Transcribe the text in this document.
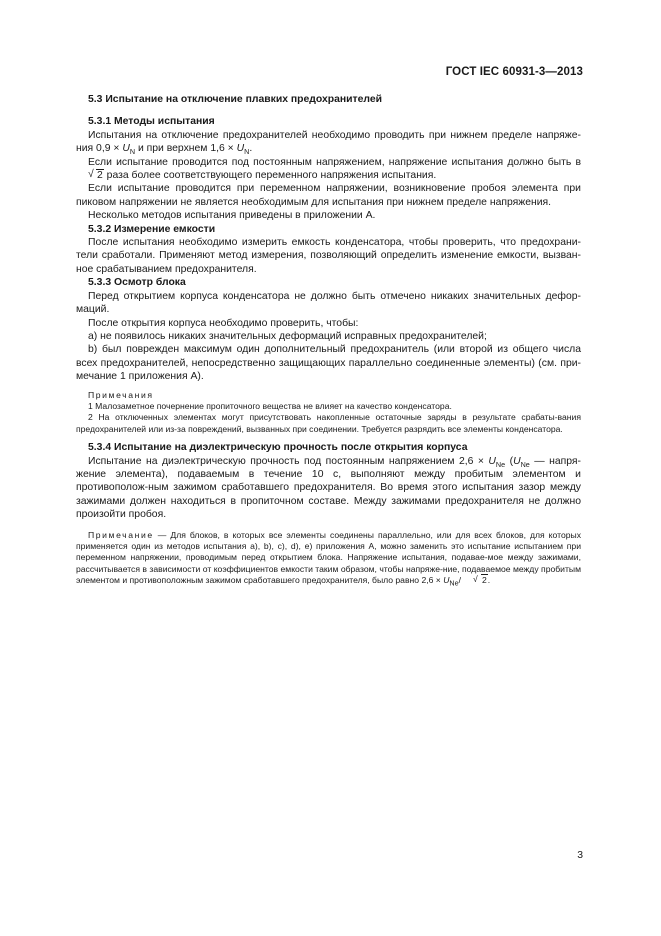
ГОСТ IEC 60931-3—2013

5.3 Испытание на отключение плавких предохранителей

5.3.1 Методы испытания

Испытания на отключение предохранителей необходимо проводить при нижнем пределе напряже-ния $0,9 \times U_N$ и при верхнем $1,6 \times U_N$.

Если испытание проводится под постоянным напряжением, напряжение испытания должно быть в
√ 2 раза более соответствующего переменного напряжения испытания.

Если испытание проводится при переменном напряжении, возникновение пробоя элемента при пиковом напряжении не является необходимым для испытания при нижнем пределе напряжения.

Несколько методов испытания приведены в приложении А.

5.3.2 Измерение емкости

После испытания необходимо измерить емкость конденсатора, чтобы проверить, что предохрани-тели сработали. Применяют метод измерения, позволяющий определить изменение емкости, вызван-ное срабатыванием предохранителя.

5.3.3 Осмотр блока

Перед открытием корпуса конденсатора не должно быть отмечено никаких значительных дефор-маций.

После открытия корпуса необходимо проверить, чтобы:

а) не появилось никаких значительных деформаций исправных предохранителей;

b) был поврежден максимум один дополнительный предохранитель (или второй из общего числа всех предохранителей, непосредственно защищающих параллельно соединенные элементы) (см. при-мечание 1 приложения А).

Примечания

1 Малозаметное почернение пропиточного вещества не влияет на качество конденсатора.

2 На отключенных элементах могут присутствовать накопленные остаточные заряды в результате срабаты-вания предохранителей или из-за повреждений, вызванных при соединении. Требуется разрядить все элементы конденсатора.

5.3.4 Испытание на диэлектрическую прочность после открытия корпуса

Испытание на диэлектрическую прочность под постоянным напряжением $2,6 \times U_{Ne}$ ($U_{Ne}$ — напря-жение элемента), подаваемым в течение 10 с, выполняют между пробитым элементом и противополож-ным зажимом сработавшего предохранителя. Во время этого испытания зазор между зажимами должен находиться в пропиточном составе. Между зажимами предохранителя не должно произойти пробоя.

Примечание — Для блоков, в которых все элементы соединены параллельно, или для всех блоков, для которых применяется один из методов испытания а), b), с), d), е) приложения А, можно заменить это испытание испытанием при переменном напряжении, проводимым перед открытием блока. Напряжение испытания, подавае-мое между зажимами, рассчитывается в зависимости от коэффициентов емкости таким образом, чтобы напряже-ние, подаваемое между пробитым элементом и противоположным зажимом сработавшего предохранителя, было равно $2,6 \times U_{Ne}/$	√ 2.

3
